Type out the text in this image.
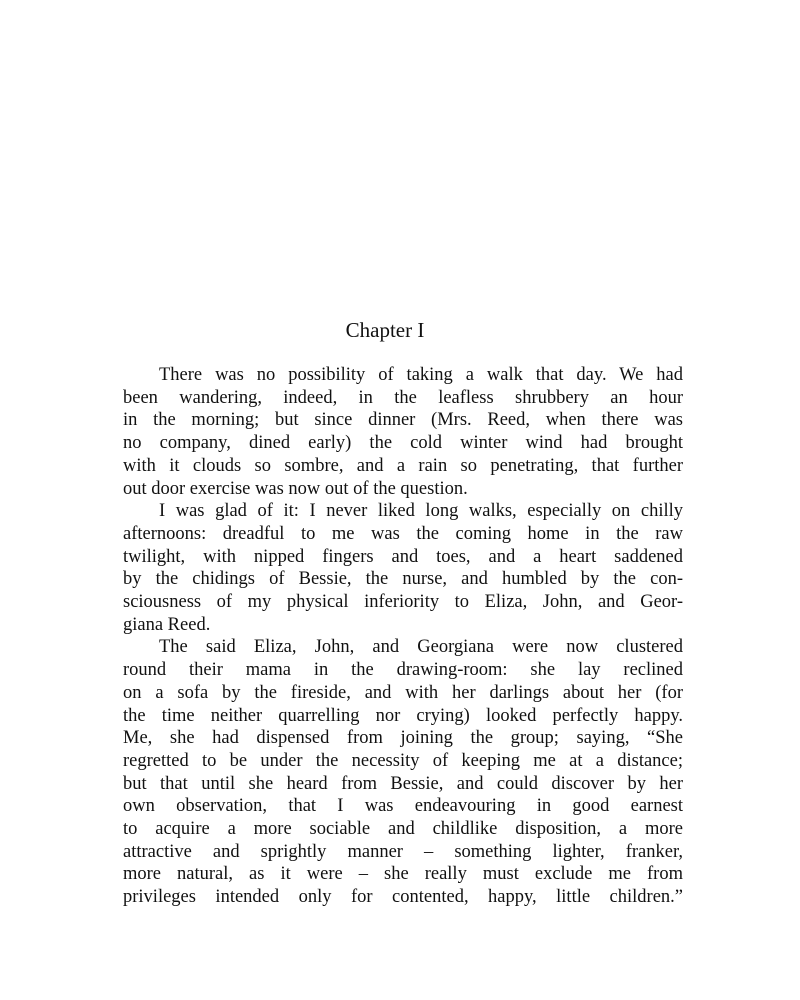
Chapter I

There was no possibility of taking a walk that day. We had
been wandering, indeed, in the leafless shrubbery an hour
in the morning; but since dinner (Mrs. Reed, when there was
no company, dined early) the cold winter wind had brought
with it clouds so sombre, and a rain so penetrating, that further
out door exercise was now out of the question.

I was glad of it: I never liked long walks, especially on chilly
afternoons: dreadful to me was the coming home in the raw
twilight, with nipped fingers and toes, and a heart saddened
by the chidings of Bessie, the nurse, and humbled by the con-
sciousness of my physical inferiority to Eliza, John, and Geor-
giana Reed.

The said Eliza, John, and Georgiana were now clustered
round their mama in the drawing-room: she lay reclined
on a sofa by the fireside, and with her darlings about her (for
the time neither quarrelling nor crying) looked perfectly happy.
Me, she had dispensed from joining the group; saying, “She
regretted to be under the necessity of keeping me at a distance;
but that until she heard from Bessie, and could discover by her
own observation, that I was endeavouring in good earnest
to acquire a more sociable and childlike disposition, a more
attractive and sprightly manner – something lighter, franker,
more natural, as it were – she really must exclude me from
privileges intended only for contented, happy, little children.”
